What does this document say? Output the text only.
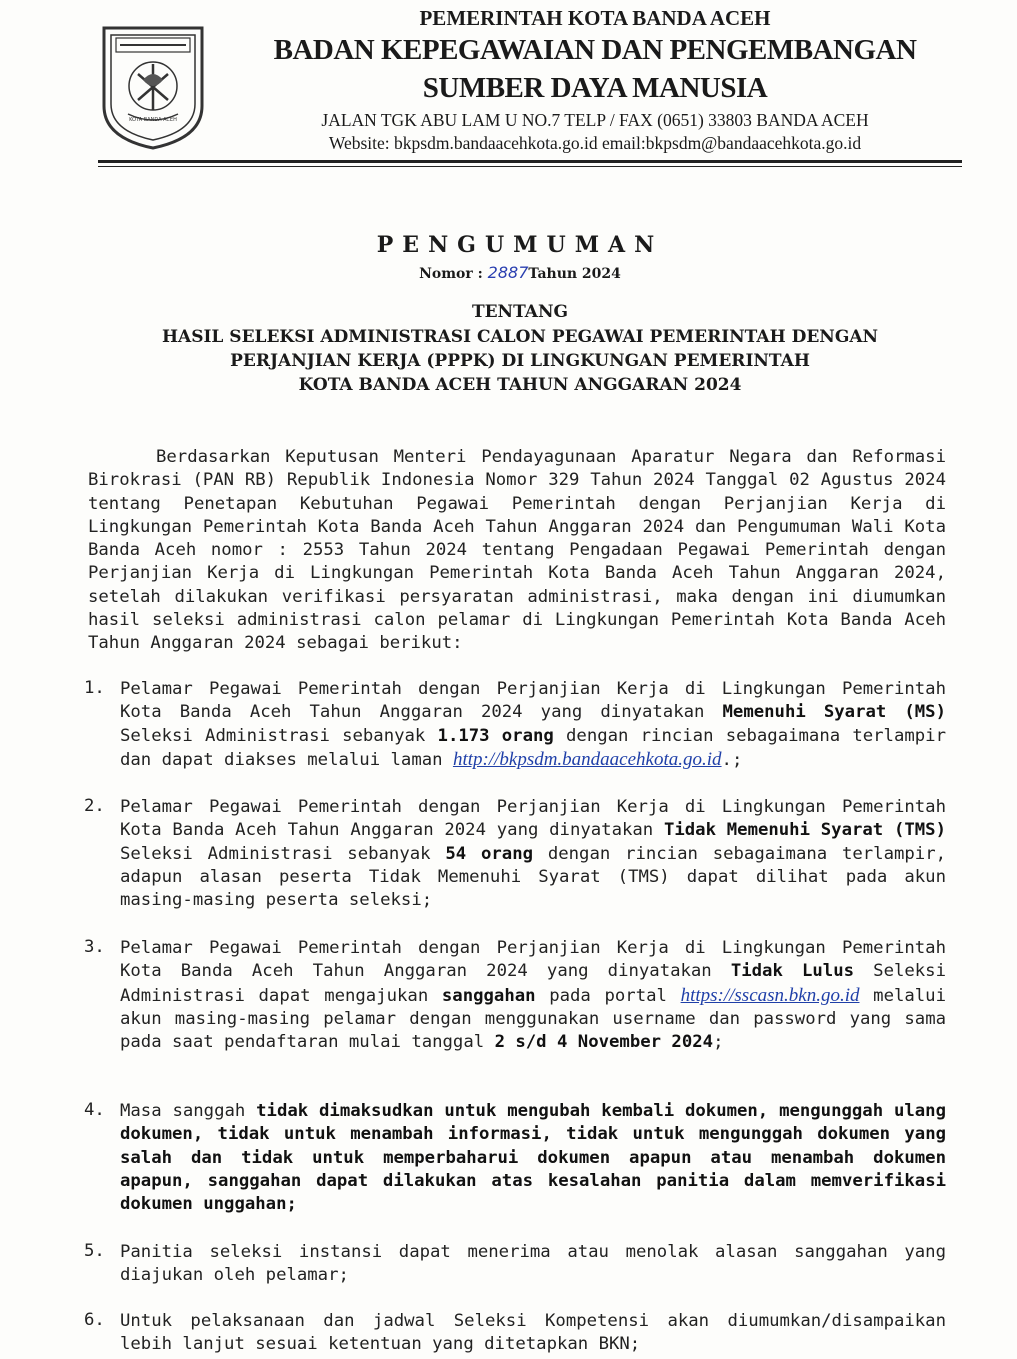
KOTA BANDA ACEH
PEMERINTAH KOTA BANDA ACEH
BADAN KEPEGAWAIAN DAN PENGEMBANGAN
SUMBER DAYA MANUSIA
JALAN TGK ABU LAM U NO.7 TELP / FAX (0651) 33803 BANDA ACEH
Website: bkpsdm.bandaacehkota.go.id email:bkpsdm@bandaacehkota.go.id
PENGUMUMAN
Nomor : 2887Tahun 2024
TENTANG
HASIL SELEKSI ADMINISTRASI CALON PEGAWAI PEMERINTAH DENGAN
PERJANJIAN KERJA (PPPK) DI LINGKUNGAN PEMERINTAH
KOTA BANDA ACEH TAHUN ANGGARAN 2024
Berdasarkan Keputusan Menteri Pendayagunaan Aparatur Negara dan Reformasi Birokrasi (PAN RB) Republik Indonesia Nomor 329 Tahun 2024 Tanggal 02 Agustus 2024 tentang Penetapan Kebutuhan Pegawai Pemerintah dengan Perjanjian Kerja di Lingkungan Pemerintah Kota Banda Aceh Tahun Anggaran 2024 dan Pengumuman Wali Kota Banda Aceh nomor : 2553 Tahun 2024 tentang Pengadaan Pegawai Pemerintah dengan Perjanjian Kerja di Lingkungan Pemerintah Kota Banda Aceh Tahun Anggaran 2024, setelah dilakukan verifikasi persyaratan administrasi, maka dengan ini diumumkan hasil seleksi administrasi calon pelamar di Lingkungan Pemerintah Kota Banda Aceh Tahun Anggaran 2024 sebagai berikut:
1. Pelamar Pegawai Pemerintah dengan Perjanjian Kerja di Lingkungan Pemerintah Kota Banda Aceh Tahun Anggaran 2024 yang dinyatakan Memenuhi Syarat (MS) Seleksi Administrasi sebanyak 1.173 orang dengan rincian sebagaimana terlampir dan dapat diakses melalui laman http://bkpsdm.bandaacehkota.go.id.;
2. Pelamar Pegawai Pemerintah dengan Perjanjian Kerja di Lingkungan Pemerintah Kota Banda Aceh Tahun Anggaran 2024 yang dinyatakan Tidak Memenuhi Syarat (TMS) Seleksi Administrasi sebanyak 54 orang dengan rincian sebagaimana terlampir, adapun alasan peserta Tidak Memenuhi Syarat (TMS) dapat dilihat pada akun masing-masing peserta seleksi;
3. Pelamar Pegawai Pemerintah dengan Perjanjian Kerja di Lingkungan Pemerintah Kota Banda Aceh Tahun Anggaran 2024 yang dinyatakan Tidak Lulus Seleksi Administrasi dapat mengajukan sanggahan pada portal https://sscasn.bkn.go.id melalui akun masing-masing pelamar dengan menggunakan username dan password yang sama pada saat pendaftaran mulai tanggal 2 s/d 4 November 2024;
4. Masa sanggah tidak dimaksudkan untuk mengubah kembali dokumen, mengunggah ulang dokumen, tidak untuk menambah informasi, tidak untuk mengunggah dokumen yang salah dan tidak untuk memperbaharui dokumen apapun atau menambah dokumen apapun, sanggahan dapat dilakukan atas kesalahan panitia dalam memverifikasi dokumen unggahan;
5. Panitia seleksi instansi dapat menerima atau menolak alasan sanggahan yang diajukan oleh pelamar;
6. Untuk pelaksanaan dan jadwal Seleksi Kompetensi akan diumumkan/disampaikan lebih lanjut sesuai ketentuan yang ditetapkan BKN;
